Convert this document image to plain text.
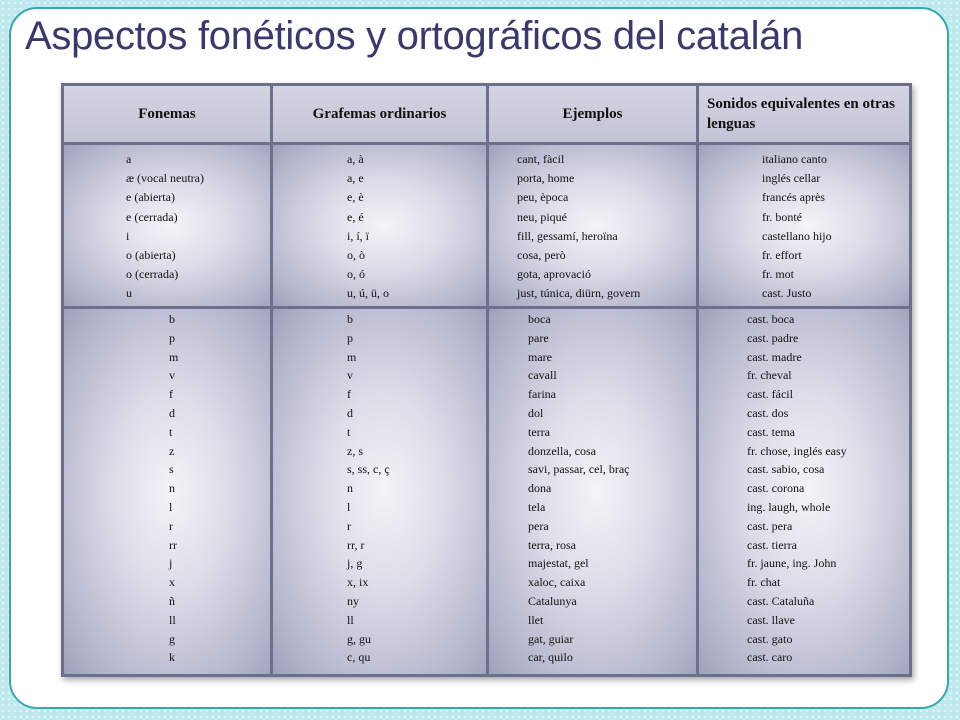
Aspectos fonéticos y ortográficos del catalán
Fonemas	Grafemas ordinarios	Ejemplos
Sonidos equivalentes en otras lenguas
a
æ (vocal neutra)
e (abierta)
e (cerrada)
i
o (abierta)
o (cerrada)
u
a, à
a, e
e, è
e, é
i, í, ï
o, ò
o, ó
u, ú, ü, o
cant, fàcil
porta, home
peu, època
neu, piqué
fill, gessamí, heroïna
cosa, però
gota, aprovació
just, túnica, diürn, govern
italiano canto
inglés cellar
francés après
fr. bonté
castellano hijo
fr. effort
fr. mot
cast. Justo
b
p
m
v
f
d
t
z
s
n
l
r
rr
j
x
ñ
ll
g
k
b
p
m
v
f
d
t
z, s
s, ss, c, ç
n
l
r
rr, r
j, g
x, ix
ny
ll
g, gu
c, qu
boca
pare
mare
cavall
farina
dol
terra
donzella, cosa
savi, passar, cel, braç
dona
tela
pera
terra, rosa
majestat, gel
xaloc, caixa
Catalunya
llet
gat, guiar
car, quilo
cast. boca
cast. padre
cast. madre
fr. cheval
cast. fácil
cast. dos
cast. tema
fr. chose, inglés easy
cast. sabio, cosa
cast. corona
ing. laugh, whole
cast. pera
cast. tierra
fr. jaune, ing. John
fr. chat
cast. Cataluña
cast. llave
cast. gato
cast. caro
